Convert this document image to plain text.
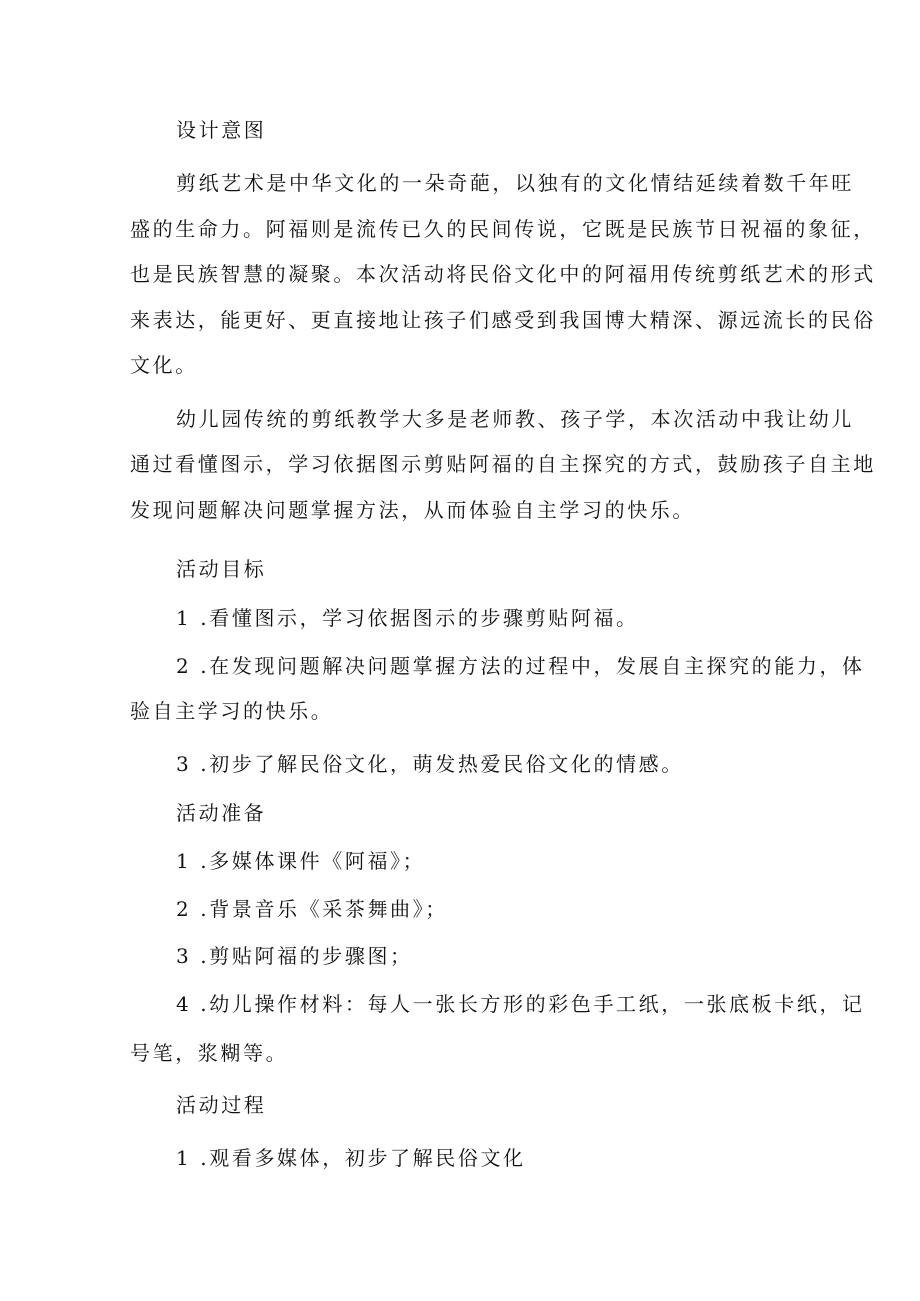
设计意图
剪纸艺术是中华文化的一朵奇葩，以独有的文化情结延续着数千年旺
盛的生命力。阿福则是流传已久的民间传说，它既是民族节日祝福的象征，
也是民族智慧的凝聚。本次活动将民俗文化中的阿福用传统剪纸艺术的形式
来表达，能更好、更直接地让孩子们感受到我国博大精深、源远流长的民俗
文化。
幼儿园传统的剪纸教学大多是老师教、孩子学，本次活动中我让幼儿
通过看懂图示，学习依据图示剪贴阿福的自主探究的方式，鼓励孩子自主地
发现问题解决问题掌握方法，从而体验自主学习的快乐。
活动目标
1 .看懂图示，学习依据图示的步骤剪贴阿福。
2 .在发现问题解决问题掌握方法的过程中，发展自主探究的能力，体
验自主学习的快乐。
3 .初步了解民俗文化，萌发热爱民俗文化的情感。
活动准备
1 .多媒体课件《阿福》；
2 .背景音乐《采茶舞曲》；
3 .剪贴阿福的步骤图；
4 .幼儿操作材料：每人一张长方形的彩色手工纸，一张底板卡纸，记
号笔，浆糊等。
活动过程
1 .观看多媒体，初步了解民俗文化
